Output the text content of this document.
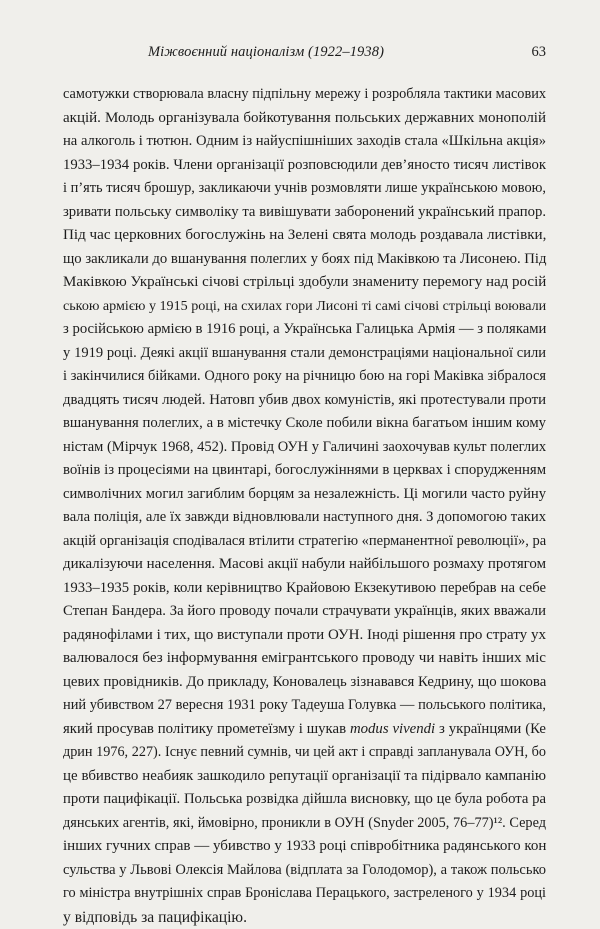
Міжвоєнний націоналізм (1922–1938)	63
самотужки створювала власну підпільну мережу і розробляла тактики масових
акцій. Молодь організувала бойкотування польських державних монополій
на алкоголь і тютюн. Одним із найуспішніших заходів стала «Шкільна акція»
1933–1934 років. Члени організації розповсюдили дев’яносто тисяч листівок
і п’ять тисяч брошур, закликаючи учнів розмовляти лише українською мовою,
зривати польську символіку та вивішувати заборонений український прапор.
Під час церковних богослужінь на Зелені свята молодь роздавала листівки,
що закликали до вшанування полеглих у боях під Маківкою та Лисонею. Під
Маківкою Українські січові стрільці здобули знамениту перемогу над росій
ською армією у 1915 році, на схилах гори Лисоні ті самі січові стрільці воювали
з російською армією в 1916 році, а Українська Галицька Армія — з поляками
у 1919 році. Деякі акції вшанування стали демонстраціями національної сили
і закінчилися бійками. Одного року на річницю бою на горі Маківка зібралося
двадцять тисяч людей. Натовп убив двох комуністів, які протестували проти
вшанування полеглих, а в містечку Сколе побили вікна багатьом іншим кому
ністам (Мірчук 1968, 452). Провід ОУН у Галичині заохочував культ полеглих
воїнів із процесіями на цвинтарі, богослужіннями в церквах і спорудженням
символічних могил загиблим борцям за незалежність. Ці могили часто руйну
вала поліція, але їх завжди відновлювали наступного дня. З допомогою таких
акцій організація сподівалася втілити стратегію «перманентної революції», ра
дикалізуючи населення. Масові акції набули найбільшого розмаху протягом
1933–1935 років, коли керівництво Крайовою Екзекутивою перебрав на себе
Степан Бандера. За його проводу почали страчувати українців, яких вважали
радянофілами і тих, що виступали проти ОУН. Іноді рішення про страту ух
валювалося без інформування емігрантського проводу чи навіть інших міс
цевих провідників. До прикладу, Коновалець зізнавався Кедрину, що шокова
ний убивством 27 вересня 1931 року Тадеуша Голувка — польського політика,
який просував політику прометеїзму і шукав modus vivendi з українцями (Ке
дрин 1976, 227). Існує певний сумнів, чи цей акт і справді запланувала ОУН, бо
це вбивство неабияк зашкодило репутації організації та підірвало кампанію
проти пацифікації. Польська розвідка дійшла висновку, що це була робота ра
дянських агентів, які, ймовірно, проникли в ОУН (Snyder 2005, 76–77)¹². Серед
інших гучних справ — убивство у 1933 році співробітника радянського кон
сульства у Львові Олексія Майлова (відплата за Голодомор), а також польсько
го міністра внутрішніх справ Броніслава Перацького, застреленого у 1934 році
у відповідь за пацифікацію.
